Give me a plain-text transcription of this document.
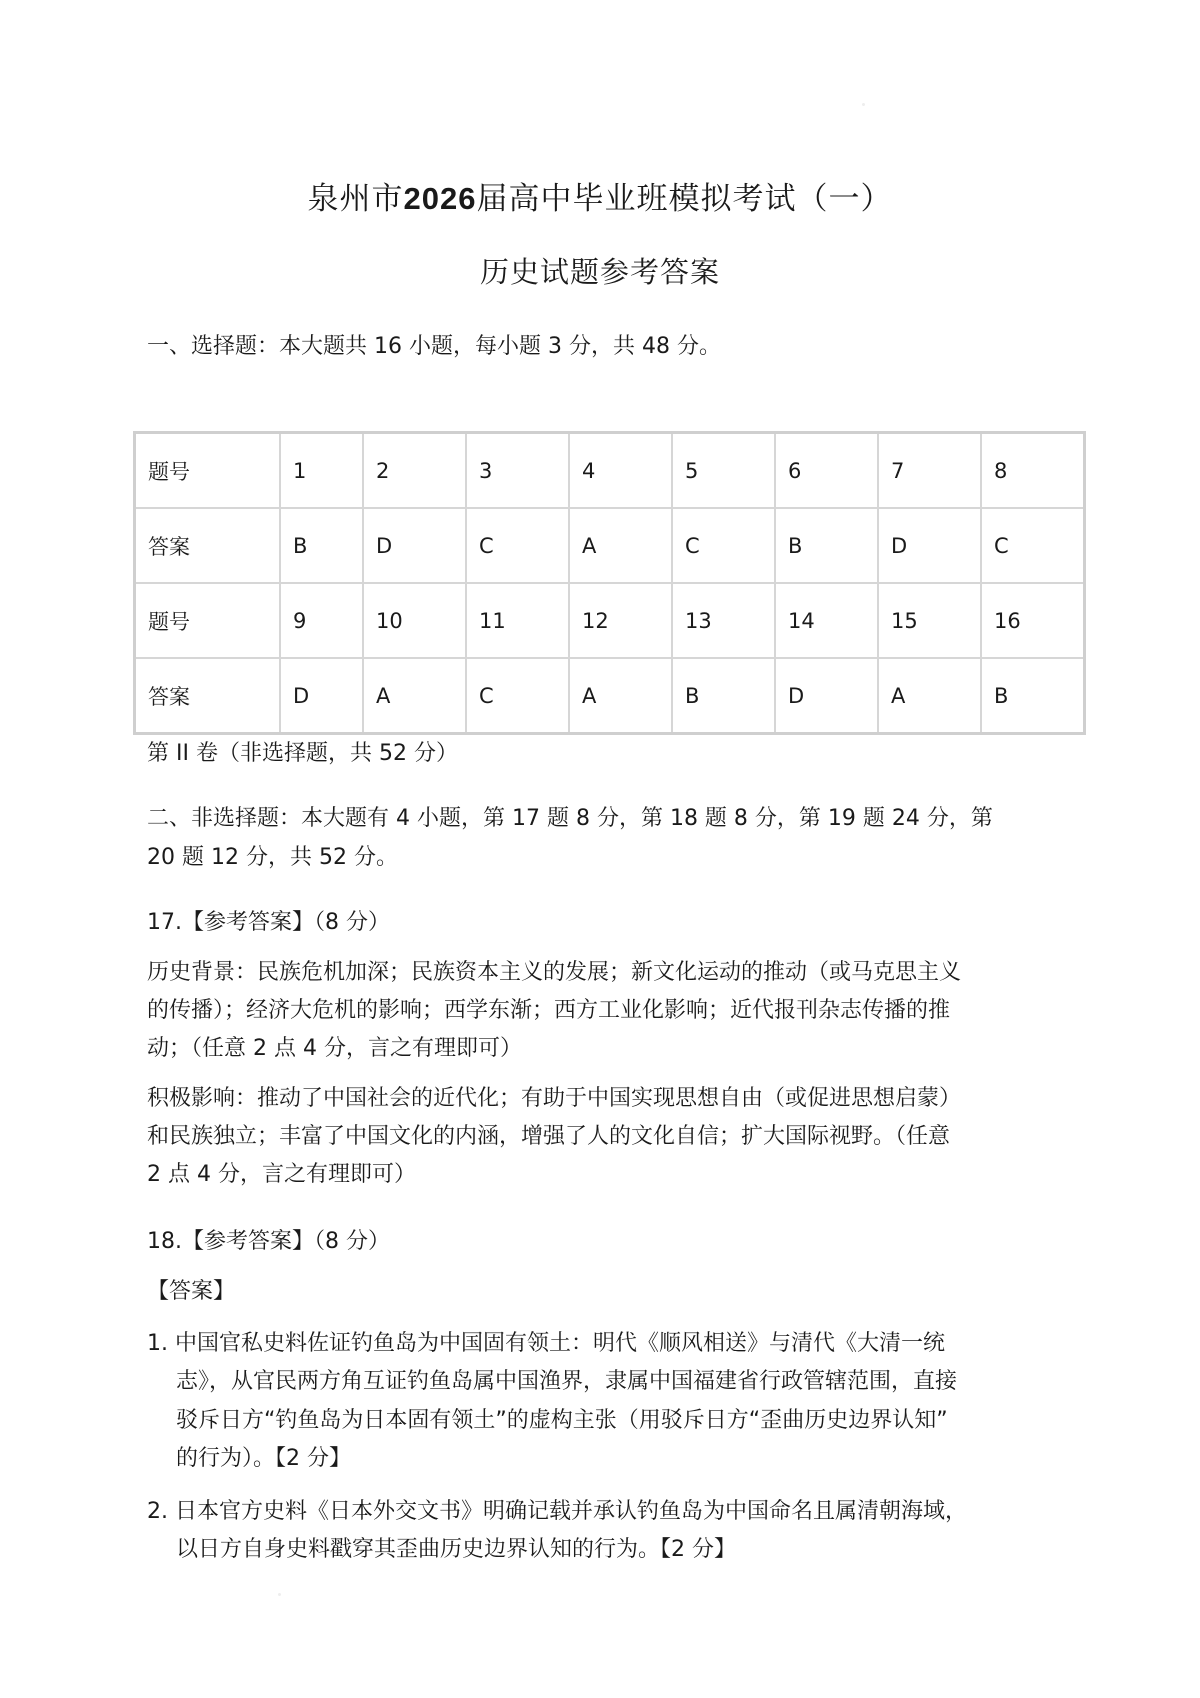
泉州市2026届高中毕业班模拟考试（一）
历史试题参考答案
一、选择题：本大题共 16 小题，每小题 3 分，共 48 分。
题号	1	2	3	4	5	6	7	8
答案	B	D	C	A	C	B	D	C
题号	9	10	11	12	13	14	15	16
答案	D	A	C	A	B	D	A	B
第 II 卷（非选择题，共 52 分）
二、非选择题：本大题有 4 小题，第 17 题 8 分，第 18 题 8 分，第 19 题 24 分，第
20 题 12 分，共 52 分。
17.【参考答案】（8 分）
历史背景：民族危机加深；民族资本主义的发展；新文化运动的推动（或马克思主义
的传播）；经济大危机的影响；西学东渐；西方工业化影响；近代报刊杂志传播的推
动；（任意 2 点 4 分，言之有理即可）
积极影响：推动了中国社会的近代化；有助于中国实现思想自由（或促进思想启蒙）
和民族独立；丰富了中国文化的内涵，增强了人的文化自信；扩大国际视野。（任意
2 点 4 分，言之有理即可）
18.【参考答案】（8 分）
【答案】
1. 中国官私史料佐证钓鱼岛为中国固有领土：明代《顺风相送》与清代《大清一统
志》，从官民两方角互证钓鱼岛属中国渔界，隶属中国福建省行政管辖范围，直接
驳斥日方“钓鱼岛为日本固有领土”的虚构主张（用驳斥日方“歪曲历史边界认知”
的行为）。【2 分】
2. 日本官方史料《日本外交文书》明确记载并承认钓鱼岛为中国命名且属清朝海域，
以日方自身史料戳穿其歪曲历史边界认知的行为。【2 分】
